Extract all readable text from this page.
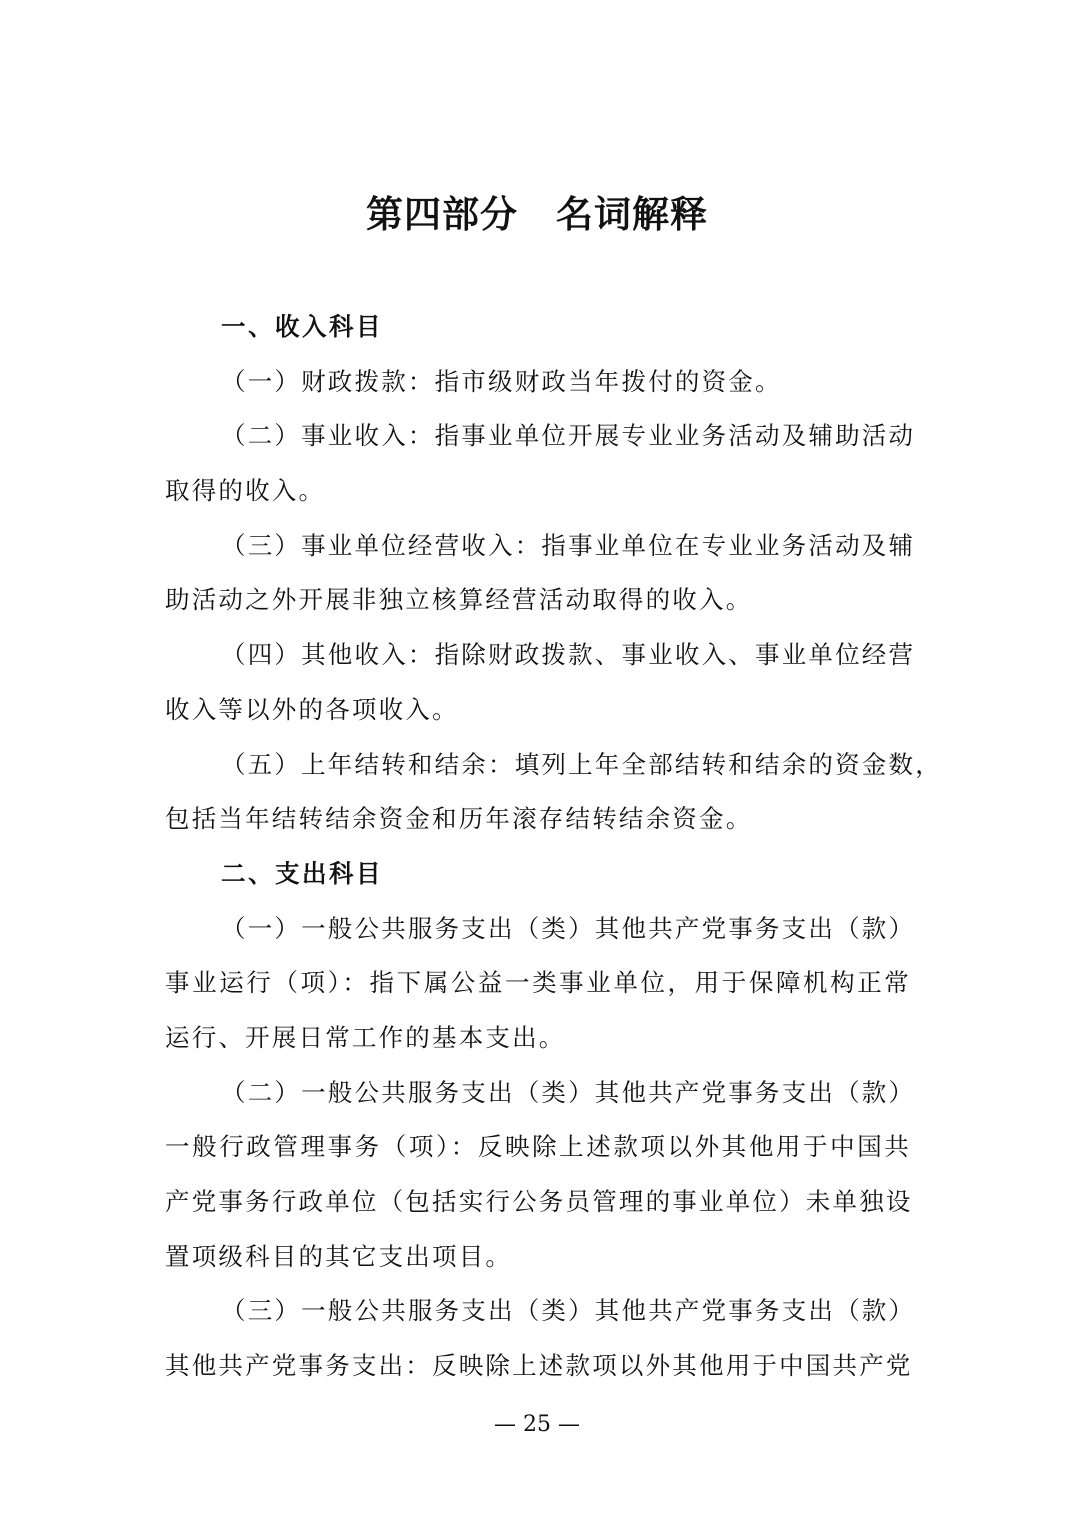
第四部分　名词解释
一、收入科目
（一）财政拨款：指市级财政当年拨付的资金。
（二）事业收入：指事业单位开展专业业务活动及辅助活动
取得的收入。
（三）事业单位经营收入：指事业单位在专业业务活动及辅
助活动之外开展非独立核算经营活动取得的收入。
（四）其他收入：指除财政拨款、事业收入、事业单位经营
收入等以外的各项收入。
（五）上年结转和结余：填列上年全部结转和结余的资金数，
包括当年结转结余资金和历年滚存结转结余资金。
二、支出科目
（一）一般公共服务支出（类）其他共产党事务支出（款）
事业运行（项）：指下属公益一类事业单位，用于保障机构正常
运行、开展日常工作的基本支出。
（二）一般公共服务支出（类）其他共产党事务支出（款）
一般行政管理事务（项）：反映除上述款项以外其他用于中国共
产党事务行政单位（包括实行公务员管理的事业单位）未单独设
置项级科目的其它支出项目。
（三）一般公共服务支出（类）其他共产党事务支出（款）
其他共产党事务支出：反映除上述款项以外其他用于中国共产党
— 25 —
